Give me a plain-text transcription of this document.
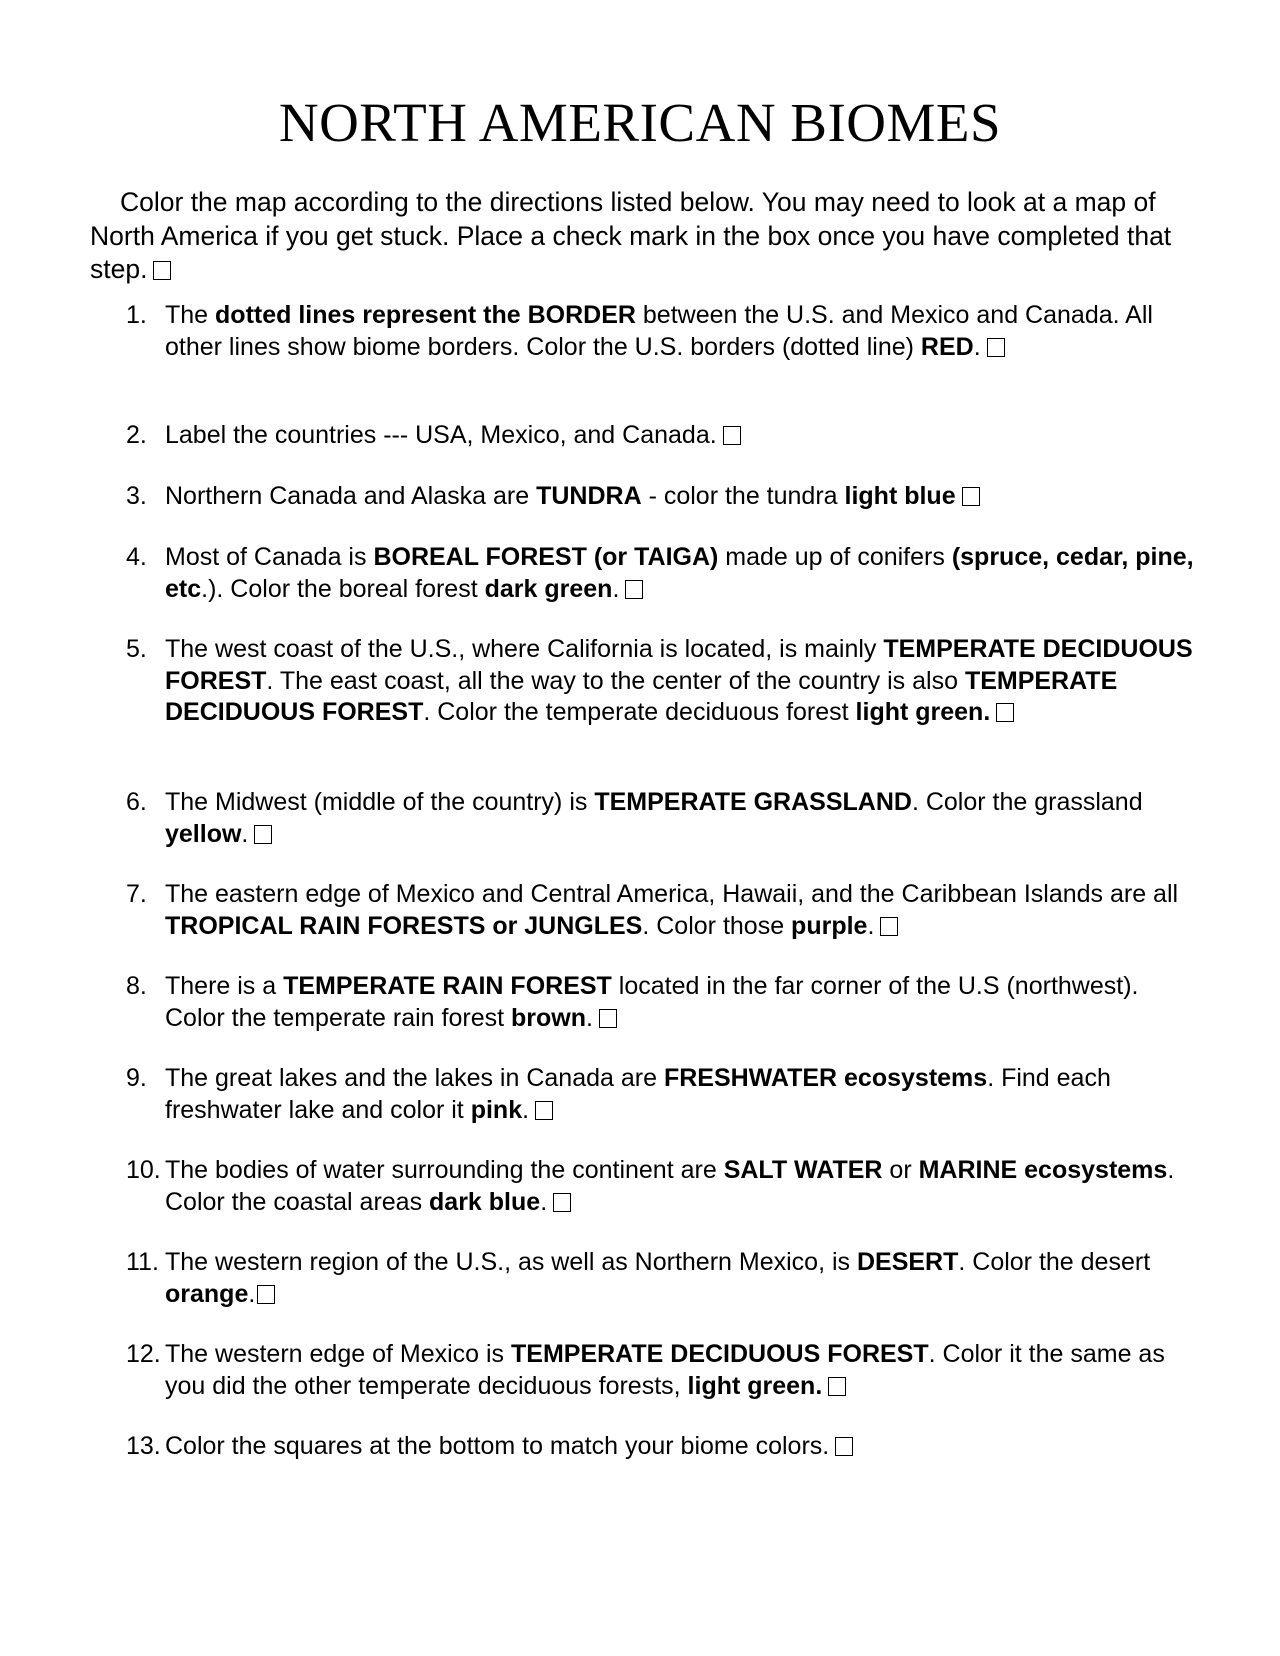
NORTH AMERICAN BIOMES

Color the map according to the directions listed below. You may need to look at a map of North America if you get stuck. Place a check mark in the box once you have completed that step.

1. The dotted lines represent the BORDER between the U.S. and Mexico and Canada. All other lines show biome borders. Color the U.S. borders (dotted line) RED.
2. Label the countries --- USA, Mexico, and Canada.
3. Northern Canada and Alaska are TUNDRA - color the tundra light blue
4. Most of Canada is BOREAL FOREST (or TAIGA) made up of conifers (spruce, cedar, pine, etc.). Color the boreal forest dark green.
5. The west coast of the U.S., where California is located, is mainly TEMPERATE DECIDUOUS FOREST. The east coast, all the way to the center of the country is also TEMPERATE DECIDUOUS FOREST. Color the temperate deciduous forest light green.
6. The Midwest (middle of the country) is TEMPERATE GRASSLAND. Color the grassland yellow.
7. The eastern edge of Mexico and Central America, Hawaii, and the Caribbean Islands are all TROPICAL RAIN FORESTS or JUNGLES. Color those purple.
8. There is a TEMPERATE RAIN FOREST located in the far corner of the U.S (northwest). Color the temperate rain forest brown.
9. The great lakes and the lakes in Canada are FRESHWATER ecosystems. Find each freshwater lake and color it pink.
10. The bodies of water surrounding the continent are SALT WATER or MARINE ecosystems. Color the coastal areas dark blue.
11. The western region of the U.S., as well as Northern Mexico, is DESERT. Color the desert orange.
12. The western edge of Mexico is TEMPERATE DECIDUOUS FOREST. Color it the same as you did the other temperate deciduous forests, light green.
13. Color the squares at the bottom to match your biome colors.
